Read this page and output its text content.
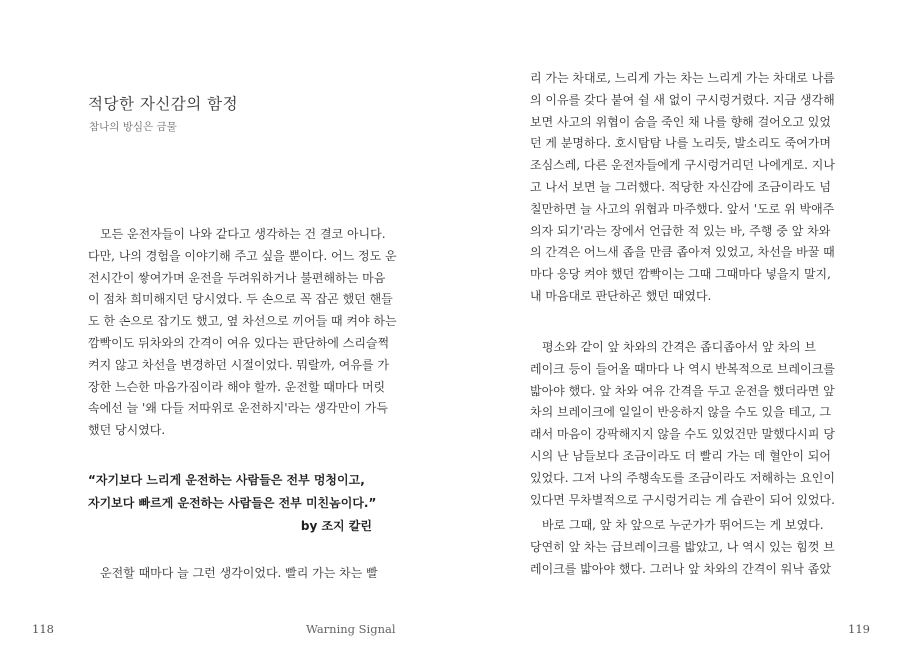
적당한 자신감의 함정
참나의 방심은 금물
모든 운전자들이 나와 같다고 생각하는 건 결코 아니다.
다만, 나의 경험을 이야기해 주고 싶을 뿐이다. 어느 정도 운
전시간이 쌓여가며 운전을 두려워하거나 불편해하는 마음
이 점차 희미해지던 당시였다. 두 손으로 꼭 잡곤 했던 핸들
도 한 손으로 잡기도 했고, 옆 차선으로 끼어들 때 켜야 하는
깜빡이도 뒤차와의 간격이 여유 있다는 판단하에 스리슬쩍
켜지 않고 차선을 변경하던 시절이었다. 뭐랄까, 여유를 가
장한 느슨한 마음가짐이라 해야 할까. 운전할 때마다 머릿
속에선 늘 '왜 다들 저따위로 운전하지'라는 생각만이 가득
했던 당시였다.
“자기보다 느리게 운전하는 사람들은 전부 멍청이고,
자기보다 빠르게 운전하는 사람들은 전부 미친놈이다.”
by 조지 칼린
운전할 때마다 늘 그런 생각이었다. 빨리 가는 차는 빨
118	Warning Signal
리 가는 차대로, 느리게 가는 차는 느리게 가는 차대로 나름
의 이유를 갖다 붙여 쉴 새 없이 구시렁거렸다. 지금 생각해
보면 사고의 위협이 숨을 죽인 채 나를 향해 걸어오고 있었
던 게 분명하다. 호시탐탐 나를 노리듯, 발소리도 죽여가며
조심스레, 다른 운전자들에게 구시렁거리던 나에게로. 지나
고 나서 보면 늘 그러했다. 적당한 자신감에 조금이라도 넘
칠만하면 늘 사고의 위협과 마주했다. 앞서 '도로 위 박애주
의자 되기'라는 장에서 언급한 적 있는 바, 주행 중 앞 차와
의 간격은 어느새 좁을 만큼 좁아져 있었고, 차선을 바꿀 때
마다 응당 켜야 했던 깜빡이는 그때 그때마다 넣을지 말지,
내 마음대로 판단하곤 했던 때였다.
평소와 같이 앞 차와의 간격은 좁디좁아서 앞 차의 브
레이크 등이 들어올 때마다 나 역시 반복적으로 브레이크를
밟아야 했다. 앞 차와 여유 간격을 두고 운전을 했더라면 앞
차의 브레이크에 일일이 반응하지 않을 수도 있을 테고, 그
래서 마음이 강팍해지지 않을 수도 있었건만 말했다시피 당
시의 난 남들보다 조금이라도 더 빨리 가는 데 혈안이 되어
있었다. 그저 나의 주행속도를 조금이라도 저해하는 요인이
있다면 무차별적으로 구시렁거리는 게 습관이 되어 있었다.
바로 그때, 앞 차 앞으로 누군가가 뛰어드는 게 보였다.
당연히 앞 차는 급브레이크를 밟았고, 나 역시 있는 힘껏 브
레이크를 밟아야 했다. 그러나 앞 차와의 간격이 워낙 좁았
119
